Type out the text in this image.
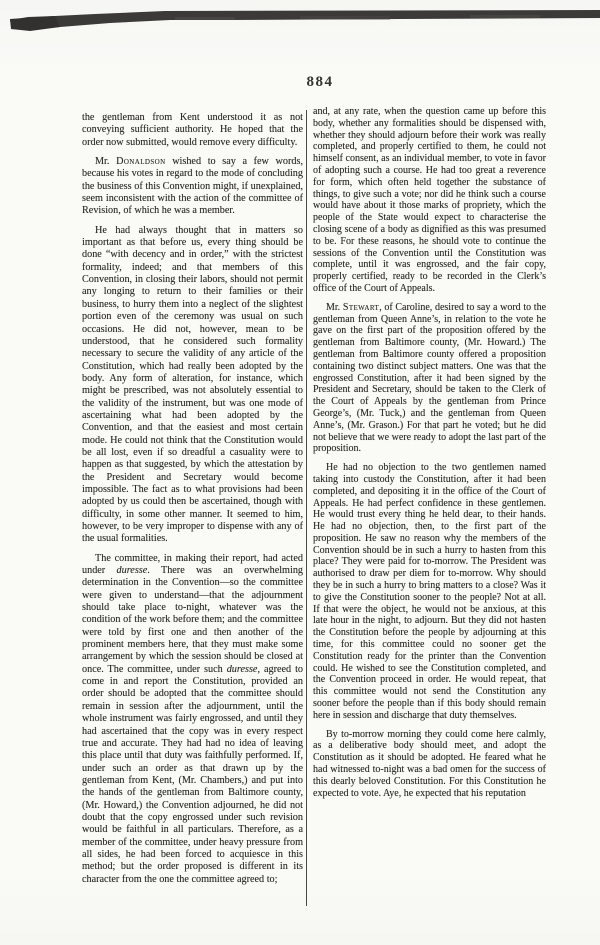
884

the gentleman from Kent understood it as not conveying sufficient authority. He hoped that the order now submitted, would remove every difficulty.

Mr. Donaldson wished to say a few words, because his votes in regard to the mode of concluding the business of this Convention might, if unexplained, seem inconsistent with the action of the committee of Revision, of which he was a member.

He had always thought that in matters so important as that before us, every thing should be done “with decency and in order,” with the strictest formality, indeed; and that members of this Convention, in closing their labors, should not permit any longing to return to their families or their business, to hurry them into a neglect of the slightest portion even of the ceremony was usual on such occasions. He did not, however, mean to be understood, that he considered such formality necessary to secure the validity of any article of the Constitution, which had really been adopted by the body. Any form of alteration, for instance, which might be prescribed, was not absolutely essential to the validity of the instrument, but was one mode of ascertaining what had been adopted by the Convention, and that the easiest and most certain mode. He could not think that the Constitution would be all lost, even if so dreadful a casuality were to happen as that suggested, by which the attestation by the President and Secretary would become impossible. The fact as to what provisions had been adopted by us could then be ascertained, though with difficulty, in some other manner. It seemed to him, however, to be very improper to dispense with any of the usual formalities.

The committee, in making their report, had acted under duresse. There was an overwhelming determination in the Convention—so the committee were given to understand—that the adjournment should take place to-night, whatever was the condition of the work before them; and the committee were told by first one and then another of the prominent members here, that they must make some arrangement by which the session should be closed at once. The committee, under such duresse, agreed to come in and report the Constitution, provided an order should be adopted that the committee should remain in session after the adjournment, until the whole instrument was fairly engrossed, and until they had ascertained that the copy was in every respect true and accurate. They had had no idea of leaving this place until that duty was faithfully performed. If, under such an order as that drawn up by the gentleman from Kent, (Mr. Chambers,) and put into the hands of the gentleman from Baltimore county, (Mr. Howard,) the Convention adjourned, he did not doubt that the copy engrossed under such revision would be faithful in all particulars. Therefore, as a member of the committee, under heavy pressure from all sides, he had been forced to acquiesce in this method; but the order proposed is different in its character from the one the committee agreed to;

and, at any rate, when the question came up before this body, whether any formalities should be dispensed with, whether they should adjourn before their work was really completed, and properly certified to them, he could not himself consent, as an individual member, to vote in favor of adopting such a course. He had too great a reverence for form, which often held together the substance of things, to give such a vote; nor did he think such a course would have about it those marks of propriety, which the people of the State would expect to characterise the closing scene of a body as dignified as this was presumed to be. For these reasons, he should vote to continue the sessions of the Convention until the Constitution was complete, until it was engrossed, and the fair copy, properly certified, ready to be recorded in the Clerk’s office of the Court of Appeals.

Mr. Stewart, of Caroline, desired to say a word to the gentleman from Queen Anne’s, in relation to the vote he gave on the first part of the proposition offered by the gentleman from Baltimore county, (Mr. Howard.) The gentleman from Baltimore county offered a proposition containing two distinct subject matters. One was that the engrossed Constitution, after it had been signed by the President and Secretary, should be taken to the Clerk of the Court of Appeals by the gentleman from Prince George’s, (Mr. Tuck,) and the gentleman from Queen Anne’s, (Mr. Grason.) For that part he voted; but he did not believe that we were ready to adopt the last part of the proposition.

He had no objection to the two gentlemen named taking into custody the Constitution, after it had been completed, and depositing it in the office of the Court of Appeals. He had perfect confidence in these gentlemen. He would trust every thing he held dear, to their hands. He had no objection, then, to the first part of the proposition. He saw no reason why the members of the Convention should be in such a hurry to hasten from this place? They were paid for to-morrow. The President was authorised to draw per diem for to-morrow. Why should they be in such a hurry to bring matters to a close? Was it to give the Constitution sooner to the people? Not at all. If that were the object, he would not be anxious, at this late hour in the night, to adjourn. But they did not hasten the Constitution before the people by adjourning at this time, for this committee could no sooner get the Constitution ready for the printer than the Convention could. He wished to see the Constitution completed, and the Convention proceed in order. He would repeat, that this committee would not send the Constitution any sooner before the people than if this body should remain here in session and discharge that duty themselves.

By to-morrow morning they could come here calmly, as a deliberative body should meet, and adopt the Constitution as it should be adopted. He feared what he had witnessed to-night was a bad omen for the success of this dearly beloved Constitution. For this Constitution he expected to vote. Aye, he expected that his reputation
